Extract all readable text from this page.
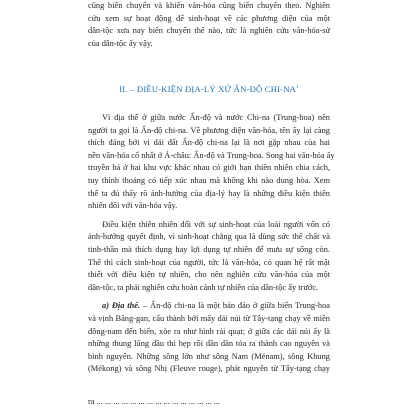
cũng biến chuyển và khiến văn-hóa cũng biến chuyển theo. Nghiên
cứu xem sự hoạt động để sinh-hoạt về các phương diện của một
dân-tộc xưa nay biến chuyển thế nào, tức là nghiên cứu văn-hóa-sử
của dân-tộc ấy vậy.
II. – ĐIỀU-KIỆN ĐỊA-LÝ XỨ ẤN-ĐỘ CHI-$NA^1$
Vì địa thế ở giữa nước Ấn-độ và nước Chi-na (Trung-hoa) nên
người ta gọi là Ấn-độ chi-na. Về phương diện văn-hóa, tên ấy lại càng
thích đáng bởi vì dải đất Ấn-độ chi-na lại là nơi gặp nhau của hai
nền văn-hóa cổ nhất ở Á-châu: Ấn-độ và Trung-hoa. Song hai văn-hóa ấy
truyền bá ở hai khu vực khác nhau có giới hạn thiên nhiên chia cách,
tuy thỉnh thoảng có tiếp xúc nhau mà không khi nào dung hòa. Xem
thế ta đủ thấy rõ ảnh-hưởng của địa-lý hay là những điều kiện thiên
nhiên đối với văn-hóa vậy.
Điều kiện thiên nhiên đối với sự sinh-hoạt của loài người vốn có
ảnh-hưởng quyết định, vì sinh-hoạt chẳng qua là dùng sức thể chất và
tinh-thần mà thích dụng hay lợi dụng tự nhiên để mưu sự sống còn.
Thế thì cách sinh-hoạt của người, tức là văn-hóa, có quan hệ rất mật
thiết với điều kiện tự nhiên, cho nên nghiên cứu văn-hóa của một
dân-tộc, ta phải nghiên cứu hoàn cảnh tự nhiên của dân-tộc ấy trước.
a) Địa thế. – Ấn-độ chi-na là một bán đảo ở giữa biển Trung-hoa
và vịnh Băng-gan, cấu thành bởi mấy dải núi từ Tây-tạng chạy về miền
đông-nam đến biển, xòe ra như hình rải quạt; ở giữa các dải núi ấy là
những thung lũng dầu thì hẹp rồi dần dần tỏa ra thành cao nguyên và
bình nguyên. Những sông lớn như sông Nam (Ménam), sông Khung
(Mékong) và sông Nhị (Fleuve rouge), phát nguyên từ Tây-tạng chạy
ra ... ... ... ... ... ... ... ... ... ... ... ... ... ... ...
